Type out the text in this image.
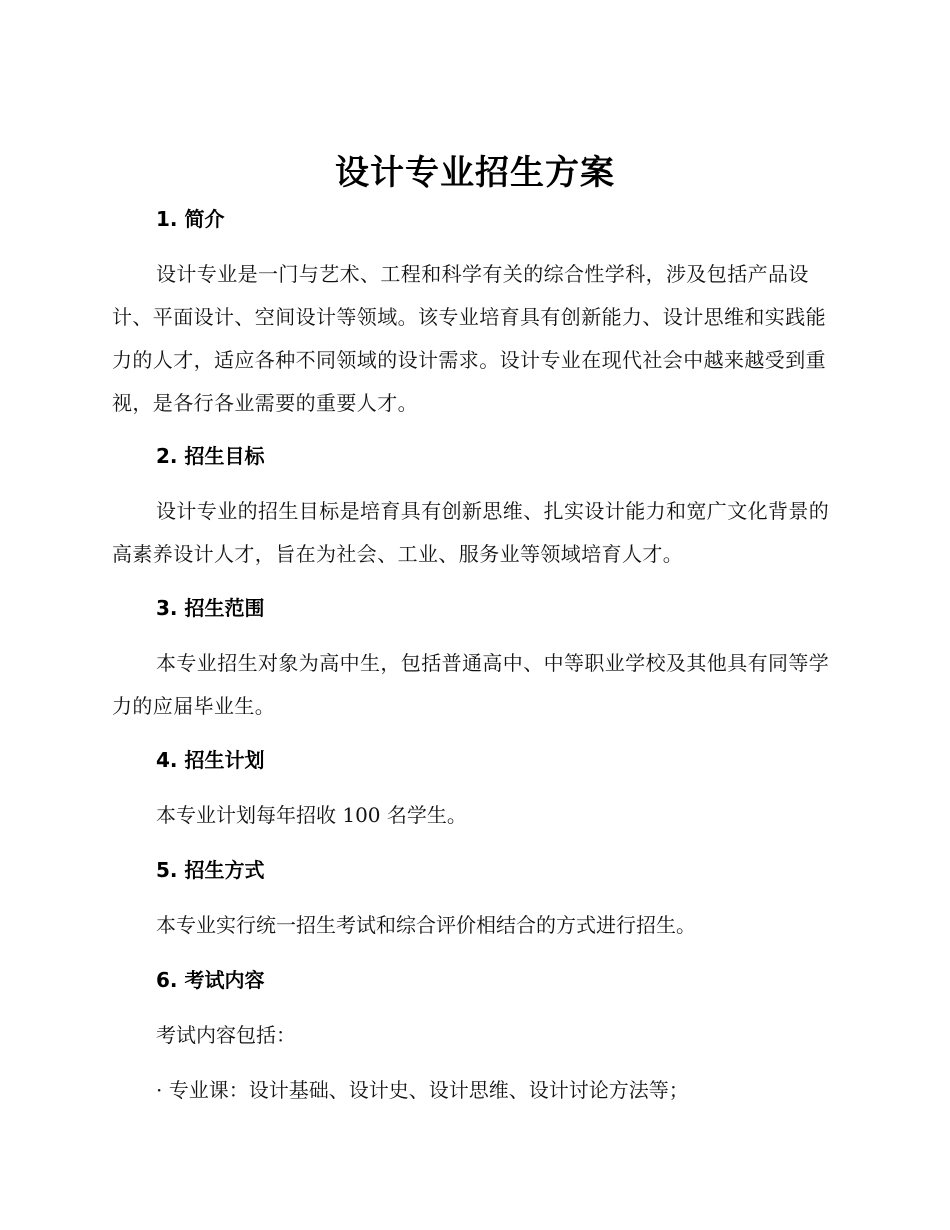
设计专业招生方案
1. 简介
设计专业是一门与艺术、工程和科学有关的综合性学科，涉及包括产品设计、平面设计、空间设计等领域。该专业培育具有创新能力、设计思维和实践能力的人才，适应各种不同领域的设计需求。设计专业在现代社会中越来越受到重视，是各行各业需要的重要人才。
2. 招生目标
设计专业的招生目标是培育具有创新思维、扎实设计能力和宽广文化背景的高素养设计人才，旨在为社会、工业、服务业等领域培育人才。
3. 招生范围
本专业招生对象为高中生，包括普通高中、中等职业学校及其他具有同等学力的应届毕业生。
4. 招生计划
本专业计划每年招收 100 名学生。
5. 招生方式
本专业实行统一招生考试和综合评价相结合的方式进行招生。
6. 考试内容
考试内容包括：
· 专业课：设计基础、设计史、设计思维、设计讨论方法等；
